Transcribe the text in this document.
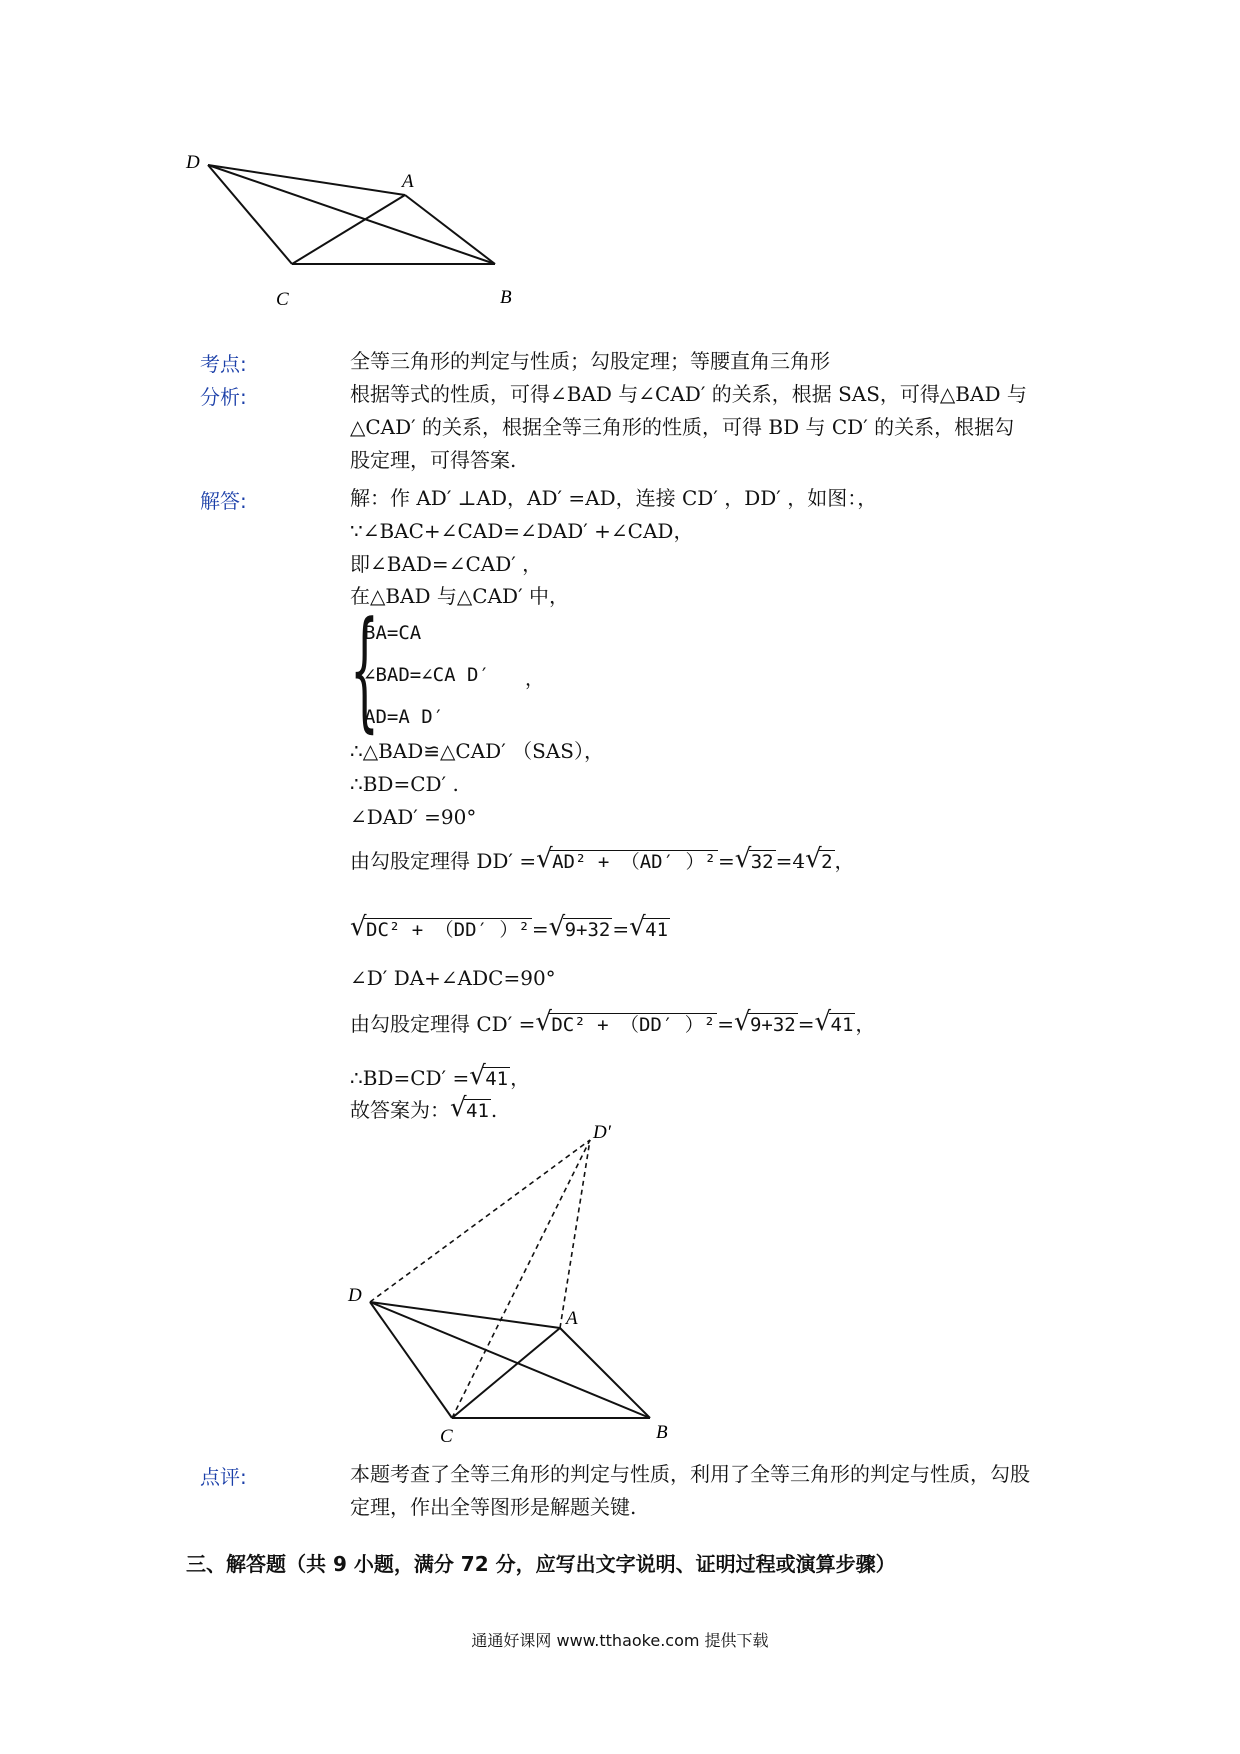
D
A
C	B
考点:	全等三角形的判定与性质；勾股定理；等腰直角三角形
分析:	根据等式的性质，可得∠BAD 与∠CAD′ 的关系，根据 SAS，可得△BAD 与
△CAD′ 的关系，根据全等三角形的性质，可得 BD 与 CD′ 的关系，根据勾
股定理，可得答案.
解答:	解：作 AD′ ⊥AD，AD′ =AD，连接 CD′ ，DD′ ，如图：，
∵∠BAC+∠CAD=∠DAD′ +∠CAD，
即∠BAD=∠CAD′ ，
在△BAD 与△CAD′ 中，
{
BA=CA
∠BAD=∠CA D′
AD=A D′
，
∴△BAD≌△CAD′ （SAS），
∴BD=CD′ .
∠DAD′ =90°
由勾股定理得 DD′ = √ AD² + （AD′ ）² = √ 32 =4 √ 2 ，
√ DC² + （DD′ ）² = √ 9+32 = √ 41
∠D′ DA+∠ADC=90°
由勾股定理得 CD′ = √ DC² + （DD′ ）² = √ 9+32 = √ 41 ，
∴BD=CD′ = √ 41 ，
故答案为： √ 41 .
D′
D
A
C	B
点评:	本题考查了全等三角形的判定与性质，利用了全等三角形的判定与性质，勾股
定理，作出全等图形是解题关键.
三、解答题（共 9 小题，满分 72 分，应写出文字说明、证明过程或演算步骤）
通通好课网 www.tthaoke.com 提供下载
